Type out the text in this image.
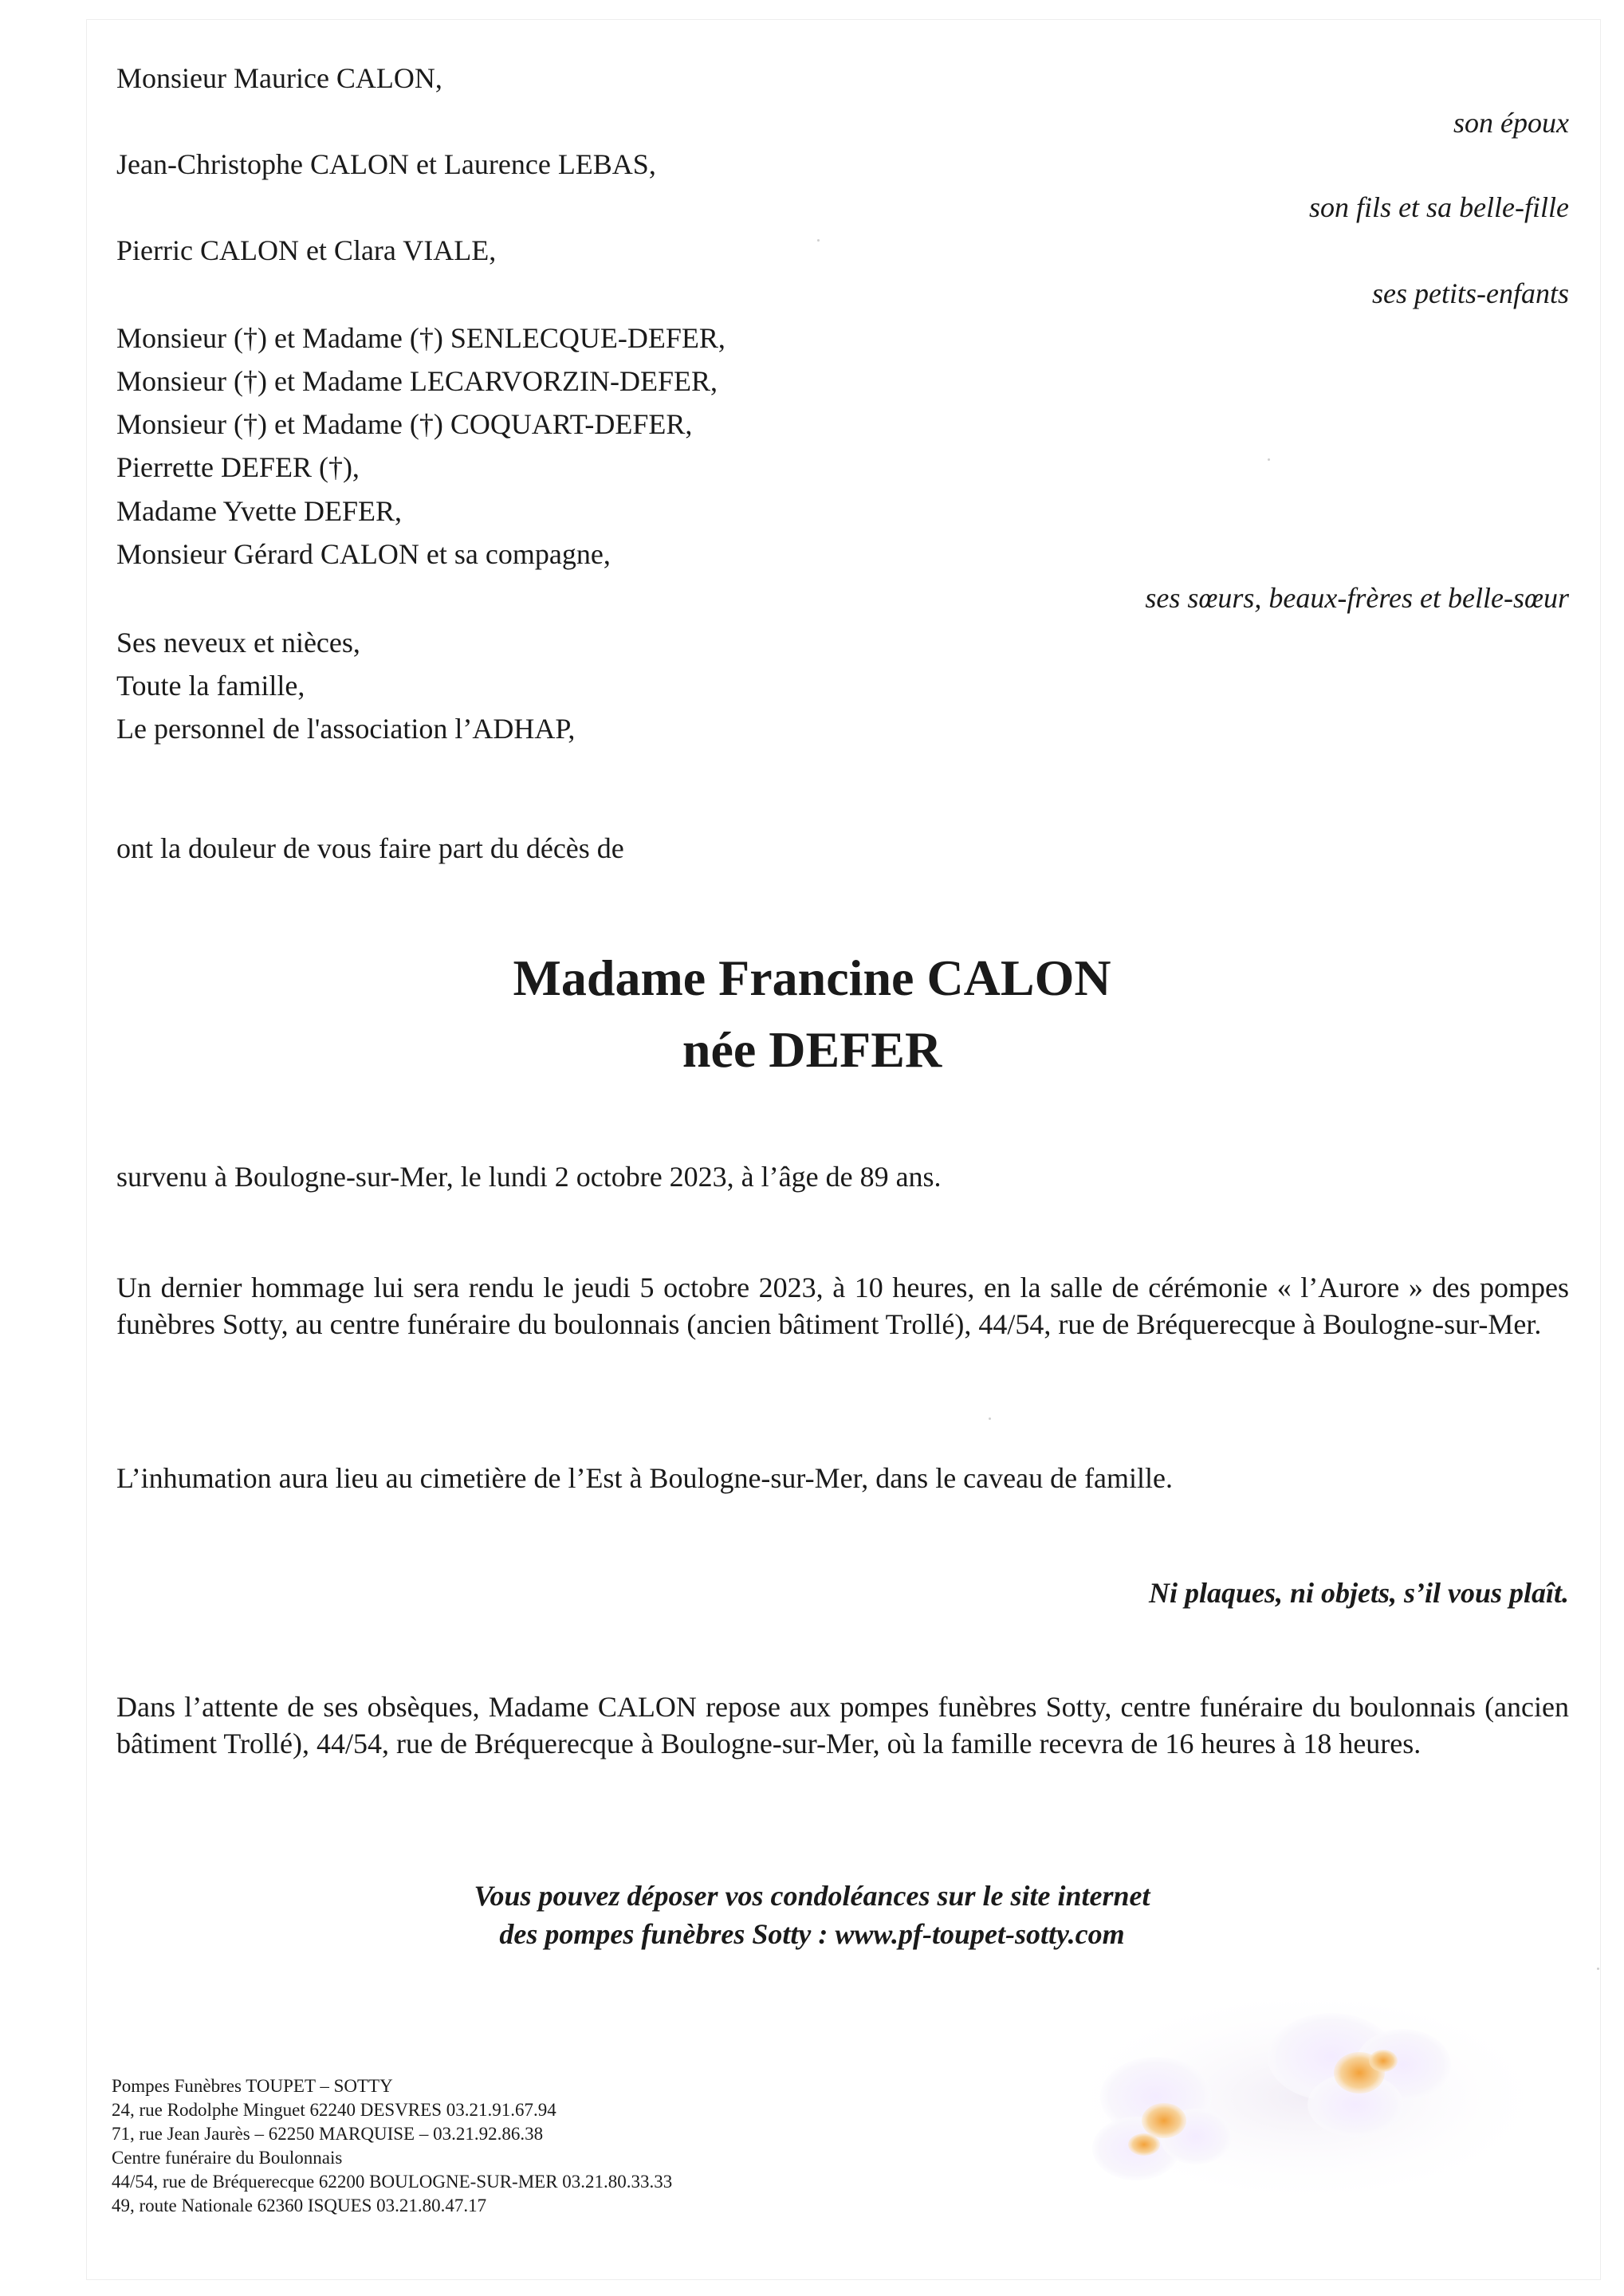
Monsieur Maurice CALON,
son époux
Jean-Christophe CALON et Laurence LEBAS,
son fils et sa belle-fille
Pierric CALON et Clara VIALE,
ses petits-enfants
Monsieur (†) et Madame (†) SENLECQUE-DEFER,
Monsieur (†) et Madame LECARVORZIN-DEFER,
Monsieur (†) et Madame (†) COQUART-DEFER,
Pierrette DEFER (†),
Madame Yvette DEFER,
Monsieur Gérard CALON et sa compagne,
ses sœurs, beaux-frères et belle-sœur
Ses neveux et nièces,
Toute la famille,
Le personnel de l'association l’ADHAP,
ont la douleur de vous faire part du décès de
Madame Francine CALON
née DEFER
survenu à Boulogne-sur-Mer, le lundi 2 octobre 2023, à l’âge de 89 ans.
Un dernier hommage lui sera rendu le jeudi 5 octobre 2023, à 10 heures, en la salle de cérémonie « l’Aurore » des pompes funèbres Sotty, au centre funéraire du boulonnais (ancien bâtiment Trollé), 44/54, rue de Bréquerecque à Boulogne-sur-Mer.
L’inhumation aura lieu au cimetière de l’Est à Boulogne-sur-Mer, dans le caveau de famille.
Ni plaques, ni objets, s’il vous plaît.
Dans l’attente de ses obsèques, Madame CALON repose aux pompes funèbres Sotty, centre funéraire du boulonnais (ancien bâtiment Trollé), 44/54, rue de Bréquerecque à Boulogne-sur-Mer, où la famille recevra de 16 heures à 18 heures.
Vous pouvez déposer vos condoléances sur le site internet
des pompes funèbres Sotty : www.pf-toupet-sotty.com
Pompes Funèbres TOUPET – SOTTY
24, rue Rodolphe Minguet 62240 DESVRES 03.21.91.67.94
71, rue Jean Jaurès – 62250 MARQUISE – 03.21.92.86.38
Centre funéraire du Boulonnais
44/54, rue de Bréquerecque 62200 BOULOGNE-SUR-MER 03.21.80.33.33
49, route Nationale 62360 ISQUES 03.21.80.47.17
